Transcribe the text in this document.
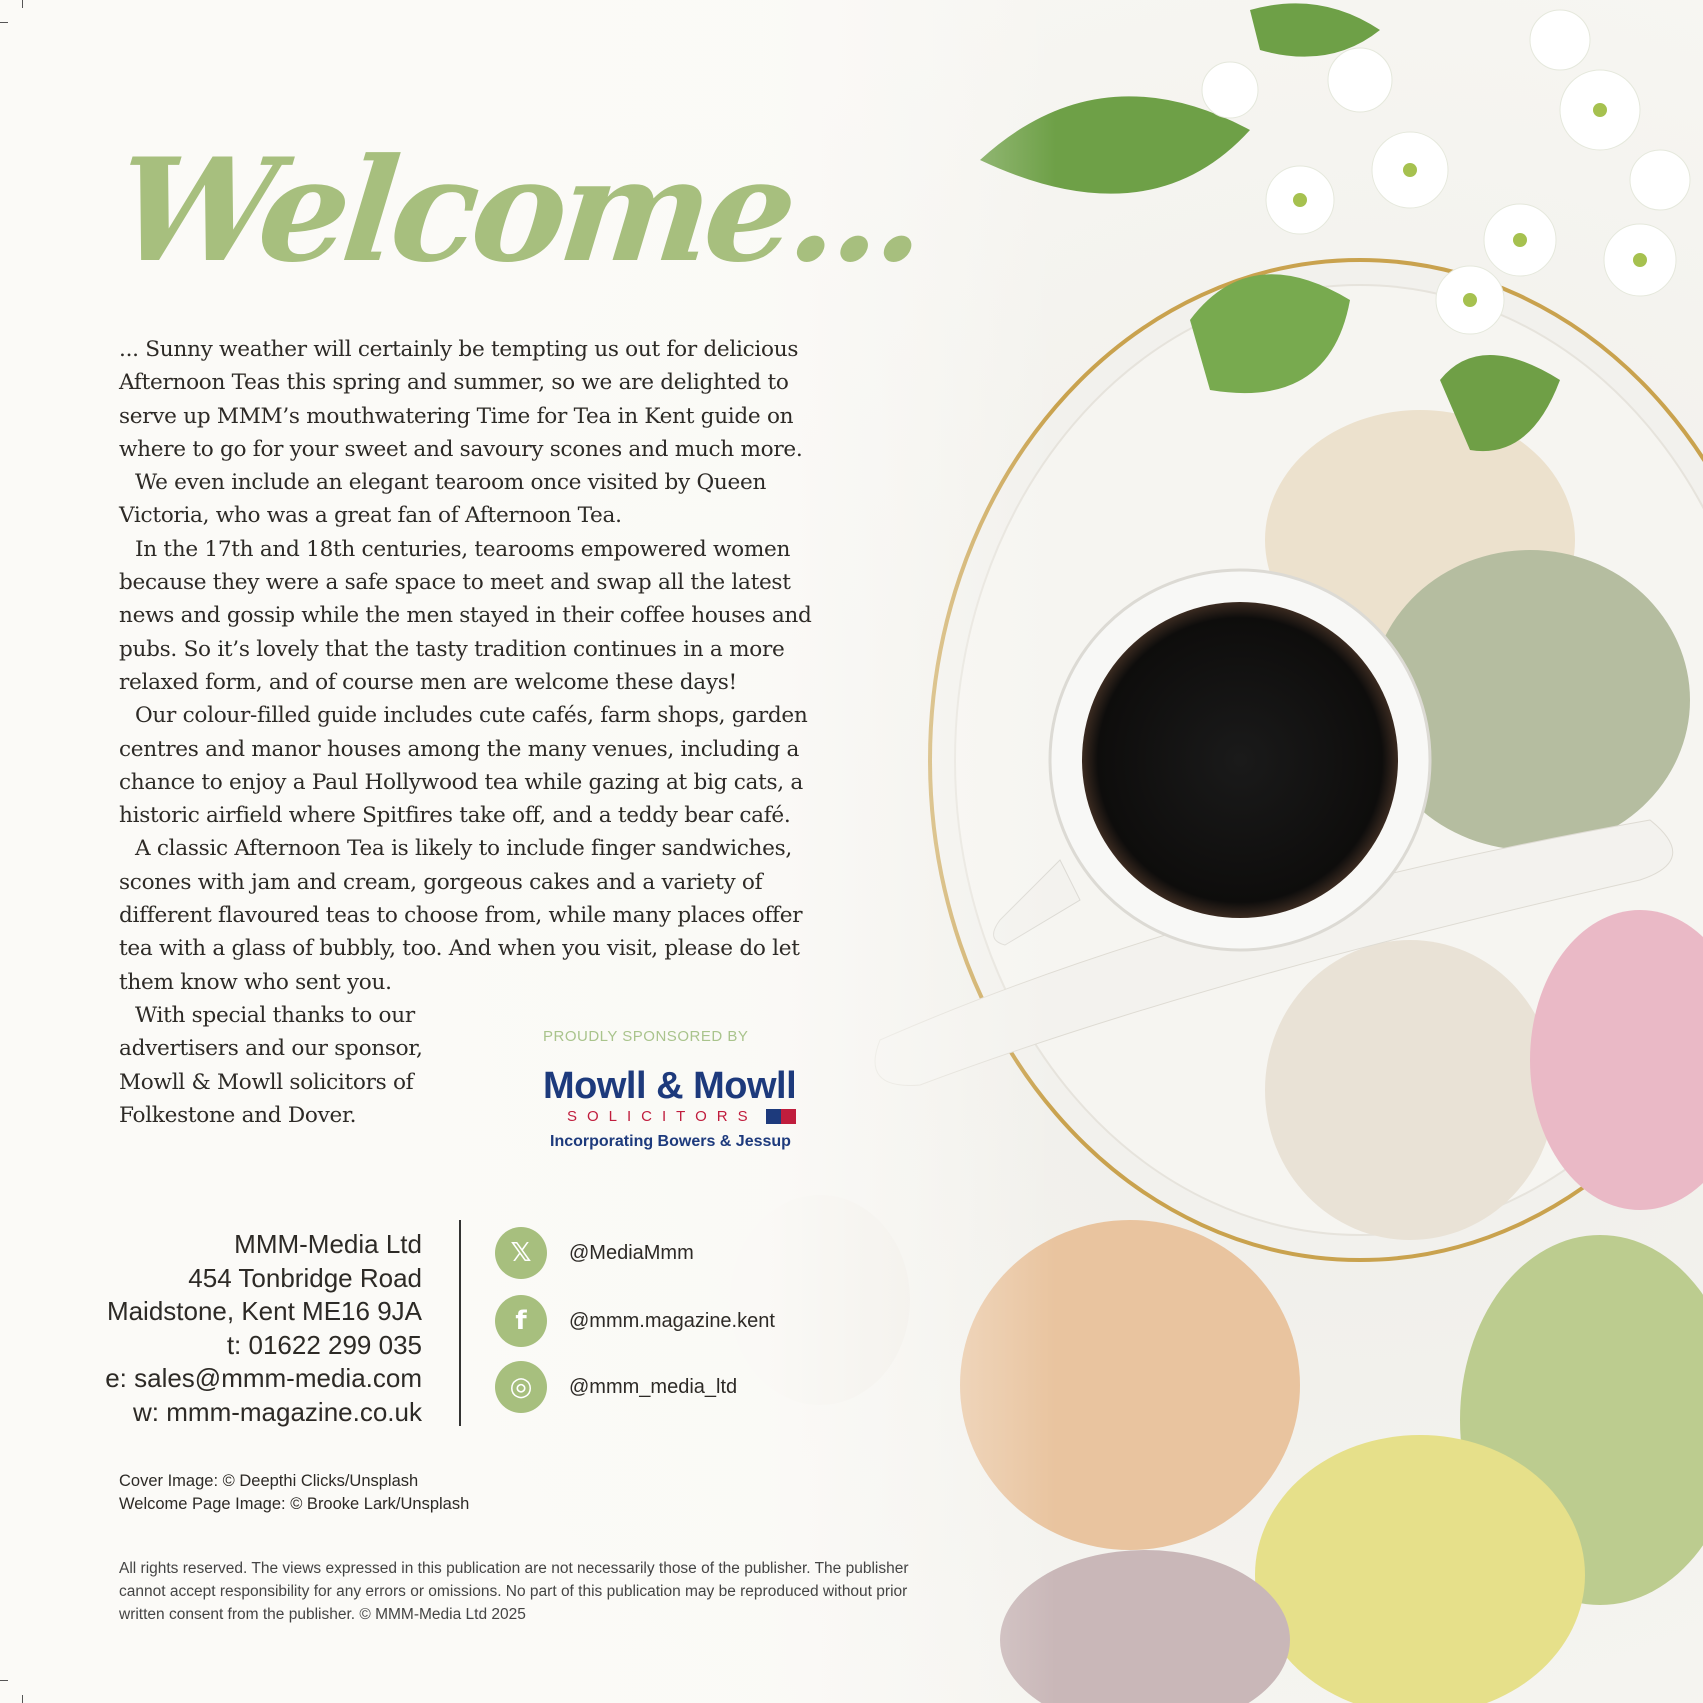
Welcome...

... Sunny weather will certainly be tempting us out for delicious Afternoon Teas this spring and summer, so we are delighted to serve up MMM’s mouthwatering Time for Tea in Kent guide on where to go for your sweet and savoury scones and much more.

We even include an elegant tearoom once visited by Queen Victoria, who was a great fan of Afternoon Tea.

In the 17th and 18th centuries, tearooms empowered women because they were a safe space to meet and swap all the latest news and gossip while the men stayed in their coffee houses and pubs. So it’s lovely that the tasty tradition continues in a more relaxed form, and of course men are welcome these days!

Our colour-filled guide includes cute cafés, farm shops, garden centres and manor houses among the many venues, including a chance to enjoy a Paul Hollywood tea while gazing at big cats, a historic airfield where Spitfires take off, and a teddy bear café.

A classic Afternoon Tea is likely to include finger sandwiches, scones with jam and cream, gorgeous cakes and a variety of different flavoured teas to choose from, while many places offer tea with a glass of bubbly, too. And when you visit, please do let them know who sent you.

With special thanks to our advertisers and our sponsor, Mowll & Mowll solicitors of Folkestone and Dover.

PROUDLY SPONSORED BY
Mowll & Mowll
SOLICITORS
Incorporating Bowers & Jessup
MMM-Media Ltd
454 Tonbridge Road
Maidstone, Kent ME16 9JA
t: 01622 299 035
e: sales@mmm-media.com
w: mmm-magazine.co.uk
𝕏	@MediaMmm
f	@mmm.magazine.kent
◎	@mmm_media_ltd
Cover Image: © Deepthi Clicks/Unsplash
Welcome Page Image: © Brooke Lark/Unsplash
All rights reserved. The views expressed in this publication are not necessarily those of the publisher. The publisher cannot accept responsibility for any errors or omissions. No part of this publication may be reproduced without prior written consent from the publisher. © MMM-Media Ltd 2025
